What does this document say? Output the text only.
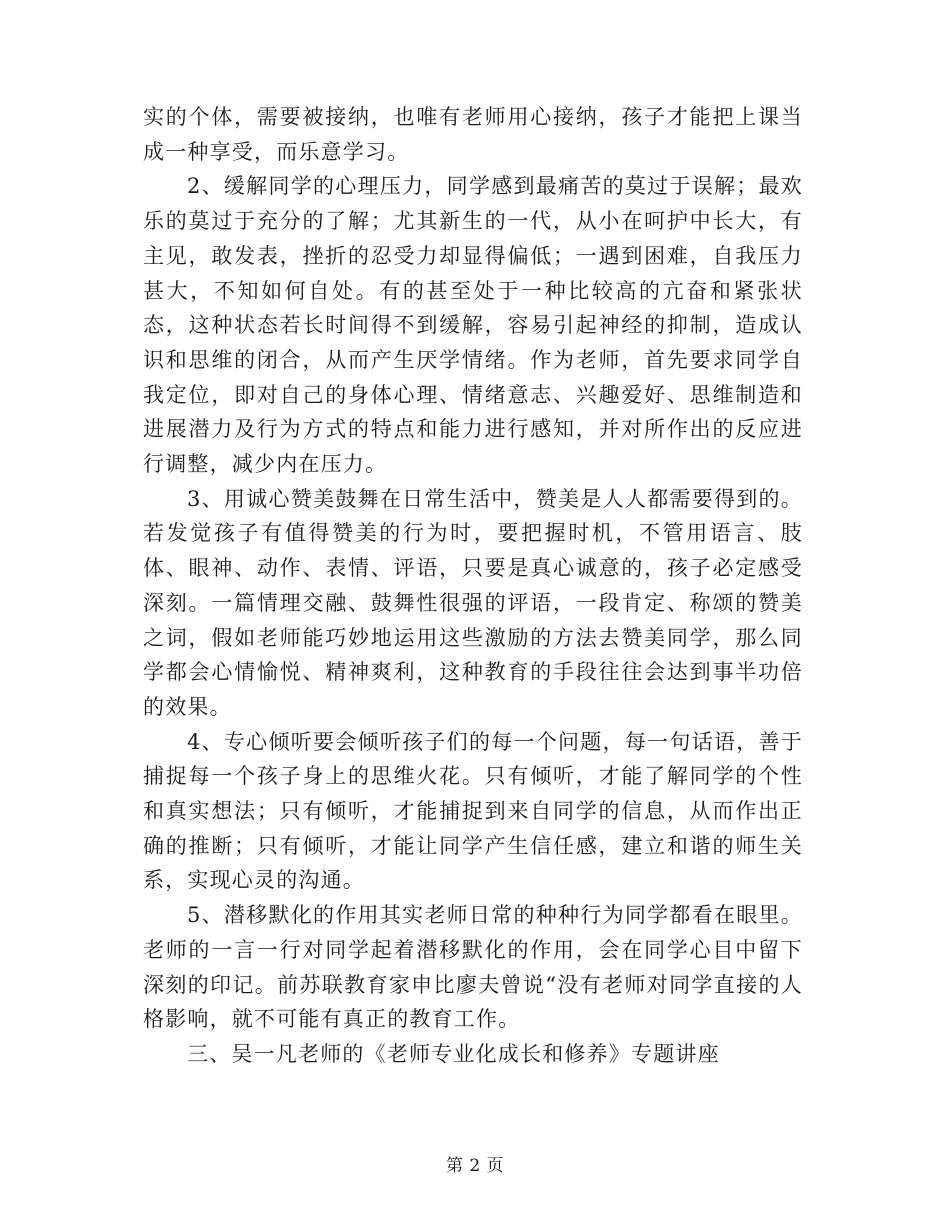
实的个体，需要被接纳，也唯有老师用心接纳，孩子才能把上课当成一种享受，而乐意学习。

2、缓解同学的心理压力，同学感到最痛苦的莫过于误解；最欢乐的莫过于充分的了解；尤其新生的一代，从小在呵护中长大，有主见，敢发表，挫折的忍受力却显得偏低；一遇到困难，自我压力甚大，不知如何自处。有的甚至处于一种比较高的亢奋和紧张状态，这种状态若长时间得不到缓解，容易引起神经的抑制，造成认识和思维的闭合，从而产生厌学情绪。作为老师，首先要求同学自我定位，即对自己的身体心理、情绪意志、兴趣爱好、思维制造和进展潜力及行为方式的特点和能力进行感知，并对所作出的反应进行调整，减少内在压力。

3、用诚心赞美鼓舞在日常生活中，赞美是人人都需要得到的。若发觉孩子有值得赞美的行为时，要把握时机，不管用语言、肢体、眼神、动作、表情、评语，只要是真心诚意的，孩子必定感受深刻。一篇情理交融、鼓舞性很强的评语，一段肯定、称颂的赞美之词，假如老师能巧妙地运用这些激励的方法去赞美同学，那么同学都会心情愉悦、精神爽利，这种教育的手段往往会达到事半功倍的效果。

4、专心倾听要会倾听孩子们的每一个问题，每一句话语，善于捕捉每一个孩子身上的思维火花。只有倾听，才能了解同学的个性和真实想法；只有倾听，才能捕捉到来自同学的信息，从而作出正确的推断；只有倾听，才能让同学产生信任感，建立和谐的师生关系，实现心灵的沟通。

5、潜移默化的作用其实老师日常的种种行为同学都看在眼里。老师的一言一行对同学起着潜移默化的作用，会在同学心目中留下深刻的印记。前苏联教育家申比廖夫曾说“没有老师对同学直接的人格影响，就不可能有真正的教育工作。

三、吴一凡老师的《老师专业化成长和修养》专题讲座

第 2 页
